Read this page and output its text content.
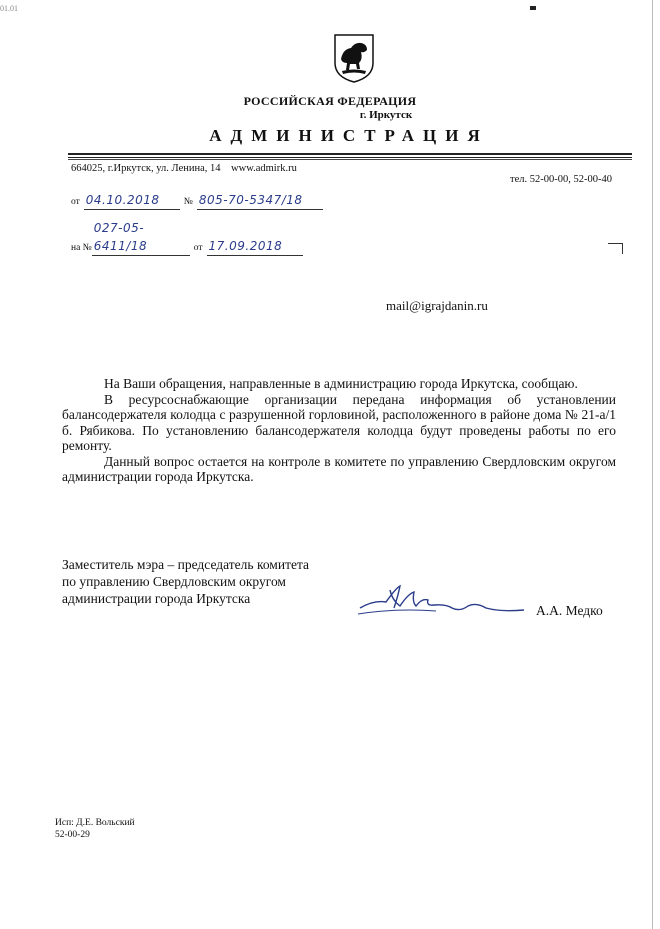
01.01
РОССИЙСКАЯ ФЕДЕРАЦИЯ
г. Иркутск
АДМИНИСТРАЦИЯ
664025, г.Иркутск, ул. Ленина, 14 www.admirk.ru
тел. 52-00-00, 52-00-40
от 04.10.2018	№ 805-70-5347/18
на №027-05-6411/18	от 17.09.2018
mail@igrajdanin.ru

На Ваши обращения, направленные в администрацию города Иркутска, сообщаю.

В ресурсоснабжающие организации передана информация об установлении балансодержателя колодца с разрушенной горловиной, расположенного в районе дома № 21-а/1 б. Рябикова. По установлению балансодержателя колодца будут проведены работы по его ремонту.

Данный вопрос остается на контроле в комитете по управлению Свердловским округом администрации города Иркутска.

Заместитель мэра – председатель комитета
по управлению Свердловским округом
администрации города Иркутска
А.А. Медко
Исп: Д.Е. Вольский
52-00-29
